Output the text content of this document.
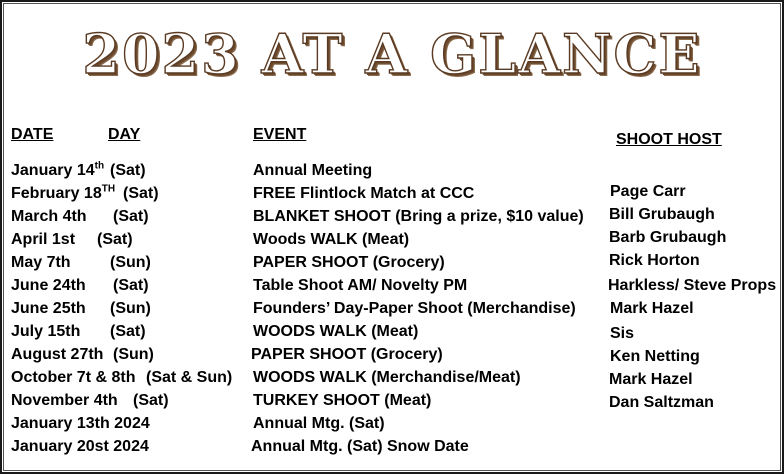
2023 AT A GLANCE
DATE	DAY	EVENT	SHOOT HOST
January 14th (Sat)	Annual Meeting
February 18TH (Sat)	FREE Flintlock Match at CCC	Page Carr
March 4th (Sat)	BLANKET SHOOT (Bring a prize, $10 value) Bill Grubaugh
April 1st (Sat)	Woods WALK (Meat)	Barb Grubaugh
May 7th (Sun)	PAPER SHOOT (Grocery)	Rick Horton
June 24th (Sat)	Table Shoot AM/ Novelty PM	Harkless/ Steve Props
June 25th (Sun)	Founders’ Day-Paper Shoot (Merchandise) Mark Hazel
July 15th (Sat)	WOODS WALK (Meat)	Sis
August 27th (Sun)	PAPER SHOOT (Grocery)	Ken Netting
October 7t & 8th (Sat & Sun) WOODS WALK (Merchandise/Meat)	Mark Hazel
November 4th (Sat)	TURKEY SHOOT (Meat)	Dan Saltzman
January 13th 2024	Annual Mtg. (Sat)
January 20st 2024	Annual Mtg. (Sat) Snow Date
